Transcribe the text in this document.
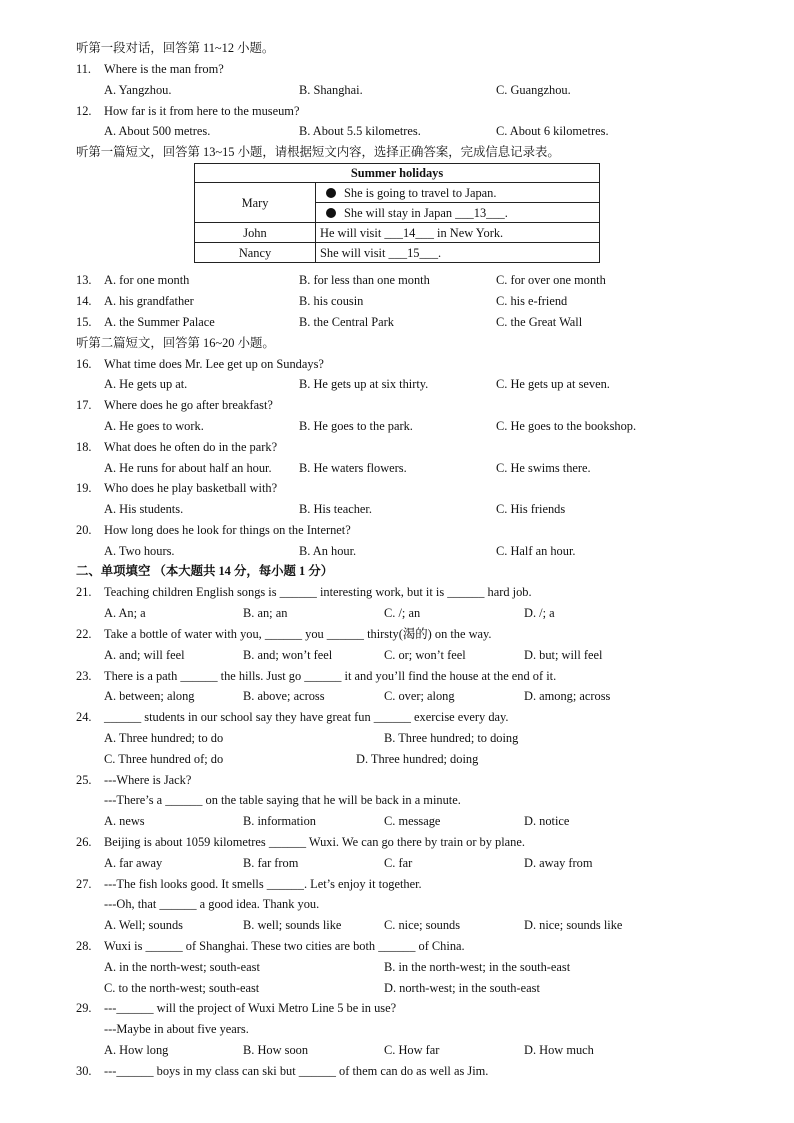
听第一段对话，回答第 11~12 小题。
11. Where is the man from?
A. Yangzhou.	B. Shanghai.	C. Guangzhou.
12. How far is it from here to the museum?
A. About 500 metres.	B. About 5.5 kilometres.	C. About 6 kilometres.
听第一篇短文，回答第 13~15 小题，请根据短文内容，选择正确答案，完成信息记录表。
Summer holidays	
Mary	She is going to travel to Japan.
	She will stay in Japan ___13___.
John	He will visit ___14___ in New York.
Nancy	She will visit ___15___.
13. A. for one month	B. for less than one month	C. for over one month
14. A. his grandfather	B. his cousin	C. his e-friend
15. A. the Summer Palace	B. the Central Park	C. the Great Wall
听第二篇短文，回答第 16~20 小题。
16. What time does Mr. Lee get up on Sundays?
A. He gets up at.	B. He gets up at six thirty.	C. He gets up at seven.
17. Where does he go after breakfast?
A. He goes to work.	B. He goes to the park.	C. He goes to the bookshop.
18. What does he often do in the park?
A. He runs for about half an hour. B. He waters flowers.	C. He swims there.
19. Who does he play basketball with?
A. His students.	B. His teacher.	C. His friends
20. How long does he look for things on the Internet?
A. Two hours.	B. An hour.	C. Half an hour.
二、单项填空 （本大题共 14 分，每小题 1 分）
21. Teaching children English songs is ______ interesting work, but it is ______ hard job.
A. An; a	B. an; an	C. /; an	D. /; a
22. Take a bottle of water with you, ______ you ______ thirsty(渴的) on the way.
A. and; will feel	B. and; won’t feel	C. or; won’t feel	D. but; will feel
23. There is a path ______ the hills. Just go ______ it and you’ll find the house at the end of it.
A. between; along	B. above; across	C. over; along	D. among; across
24. ______ students in our school say they have great fun ______ exercise every day.
A. Three hundred; to do	B. Three hundred; to doing
C. Three hundred of; do	D. Three hundred; doing
25. ---Where is Jack?
---There’s a ______ on the table saying that he will be back in a minute.
A. news	B. information	C. message	D. notice
26. Beijing is about 1059 kilometres ______ Wuxi. We can go there by train or by plane.
A. far away	B. far from	C. far	D. away from
27. ---The fish looks good. It smells ______. Let’s enjoy it together.
---Oh, that ______ a good idea. Thank you.
A. Well; sounds	B. well; sounds like	C. nice; sounds	D. nice; sounds like
28. Wuxi is ______ of Shanghai. These two cities are both ______ of China.
A. in the north-west; south-east	B. in the north-west; in the south-east
C. to the north-west; south-east	D. north-west; in the south-east
29. ---______ will the project of Wuxi Metro Line 5 be in use?
---Maybe in about five years.
A. How long	B. How soon	C. How far	D. How much
30. ---______ boys in my class can ski but ______ of them can do as well as Jim.
